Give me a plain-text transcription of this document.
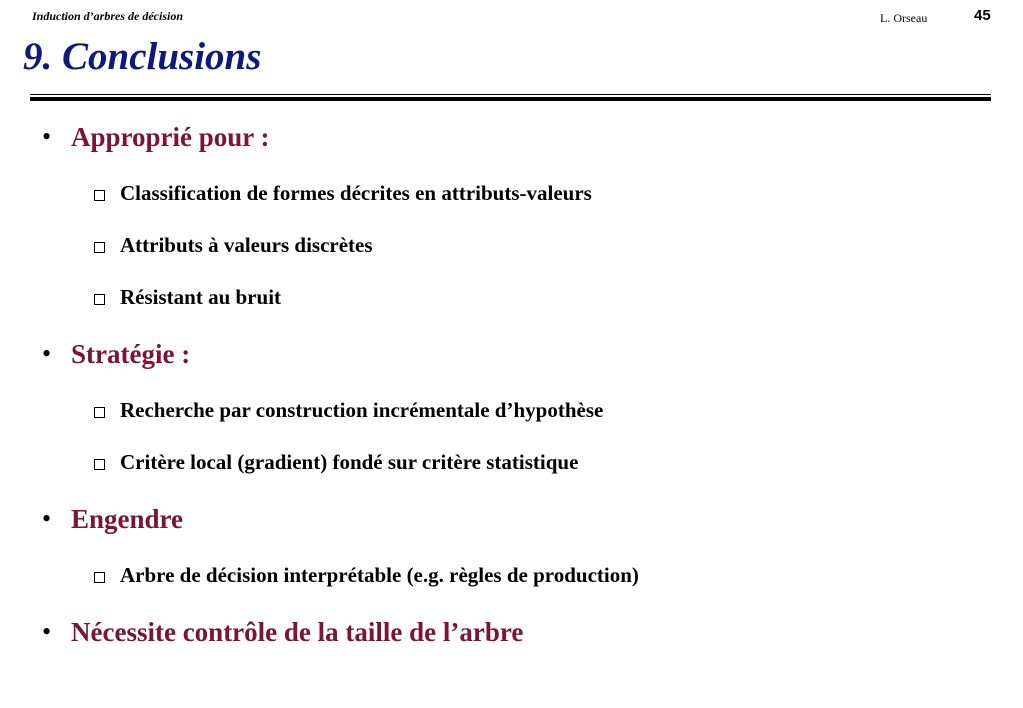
Induction d’arbres de décision	L. Orseau	45
9. Conclusions
• Approprié pour :
Classification de formes décrites en attributs-valeurs
Attributs à valeurs discrètes
Résistant au bruit
• Stratégie :
Recherche par construction incrémentale d’hypothèse
Critère local (gradient) fondé sur critère statistique
• Engendre
Arbre de décision interprétable (e.g. règles de production)
• Nécessite contrôle de la taille de l’arbre
